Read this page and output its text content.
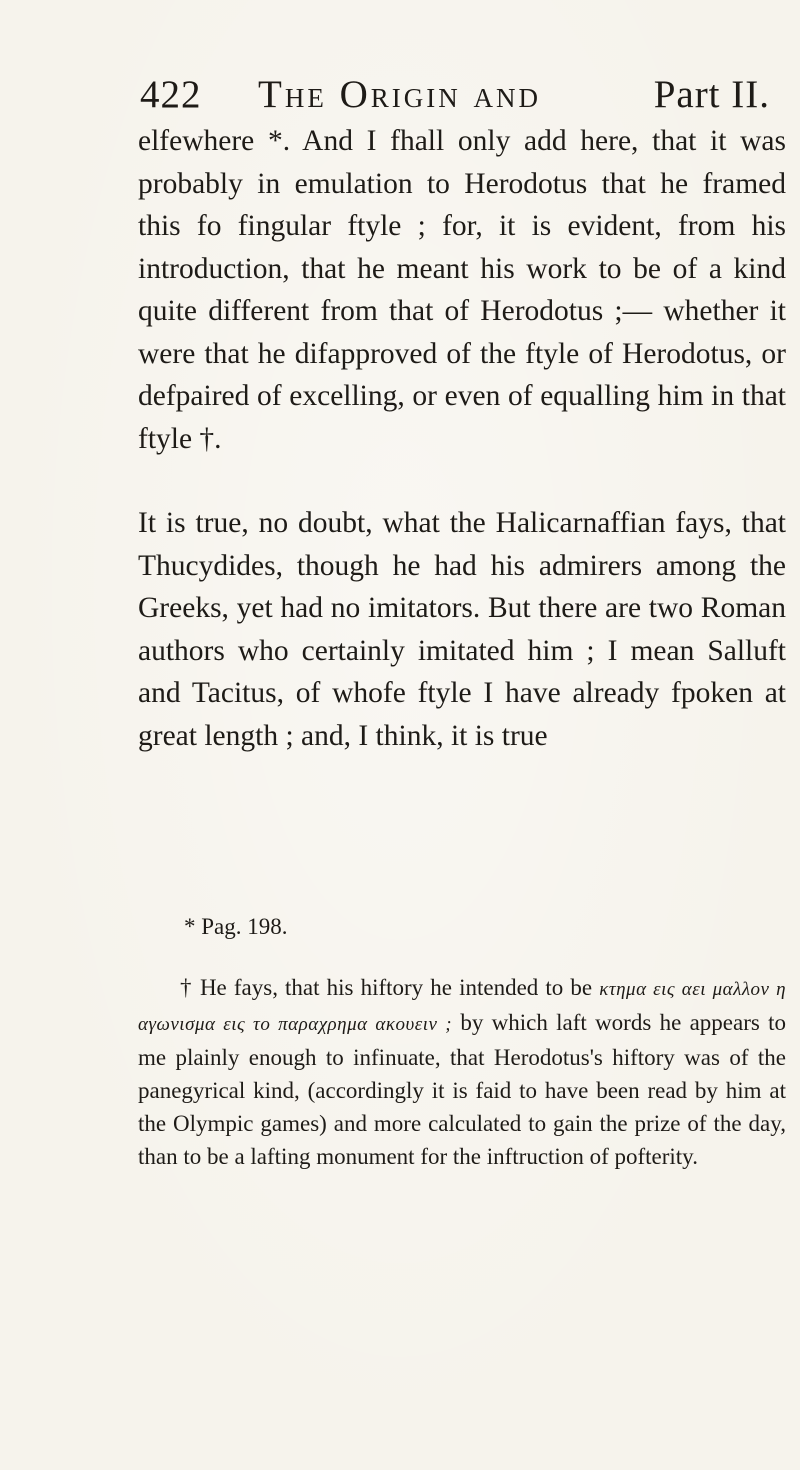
422 The Origin and	Part II.

elfewhere *. And I fhall only add here, that it was probably in emulation to Herodotus that he framed this fo fingular ftyle ; for, it is evident, from his introduction, that he meant his work to be of a kind quite different from that of Herodotus ;— whether it were that he difapproved of the ftyle of Herodotus, or defpaired of excelling, or even of equalling him in that ftyle †.

It is true, no doubt, what the Halicarnaffian fays, that Thucydides, though he had his admirers among the Greeks, yet had no imitators. But there are two Roman authors who certainly imitated him ; I mean Salluft and Tacitus, of whofe ftyle I have already fpoken at great length ; and, I think, it is true

* Pag. 198.

† He fays, that his hiftory he intended to be κτημα εις αει μαλλον η αγωνισμα εις το παραχρημα ακουειν ; by which laft words he appears to me plainly enough to infinuate, that Herodotus's hiftory was of the panegyrical kind, (accordingly it is faid to have been read by him at the Olympic games) and more calculated to gain the prize of the day, than to be a lafting monument for the inftruction of pofterity.
